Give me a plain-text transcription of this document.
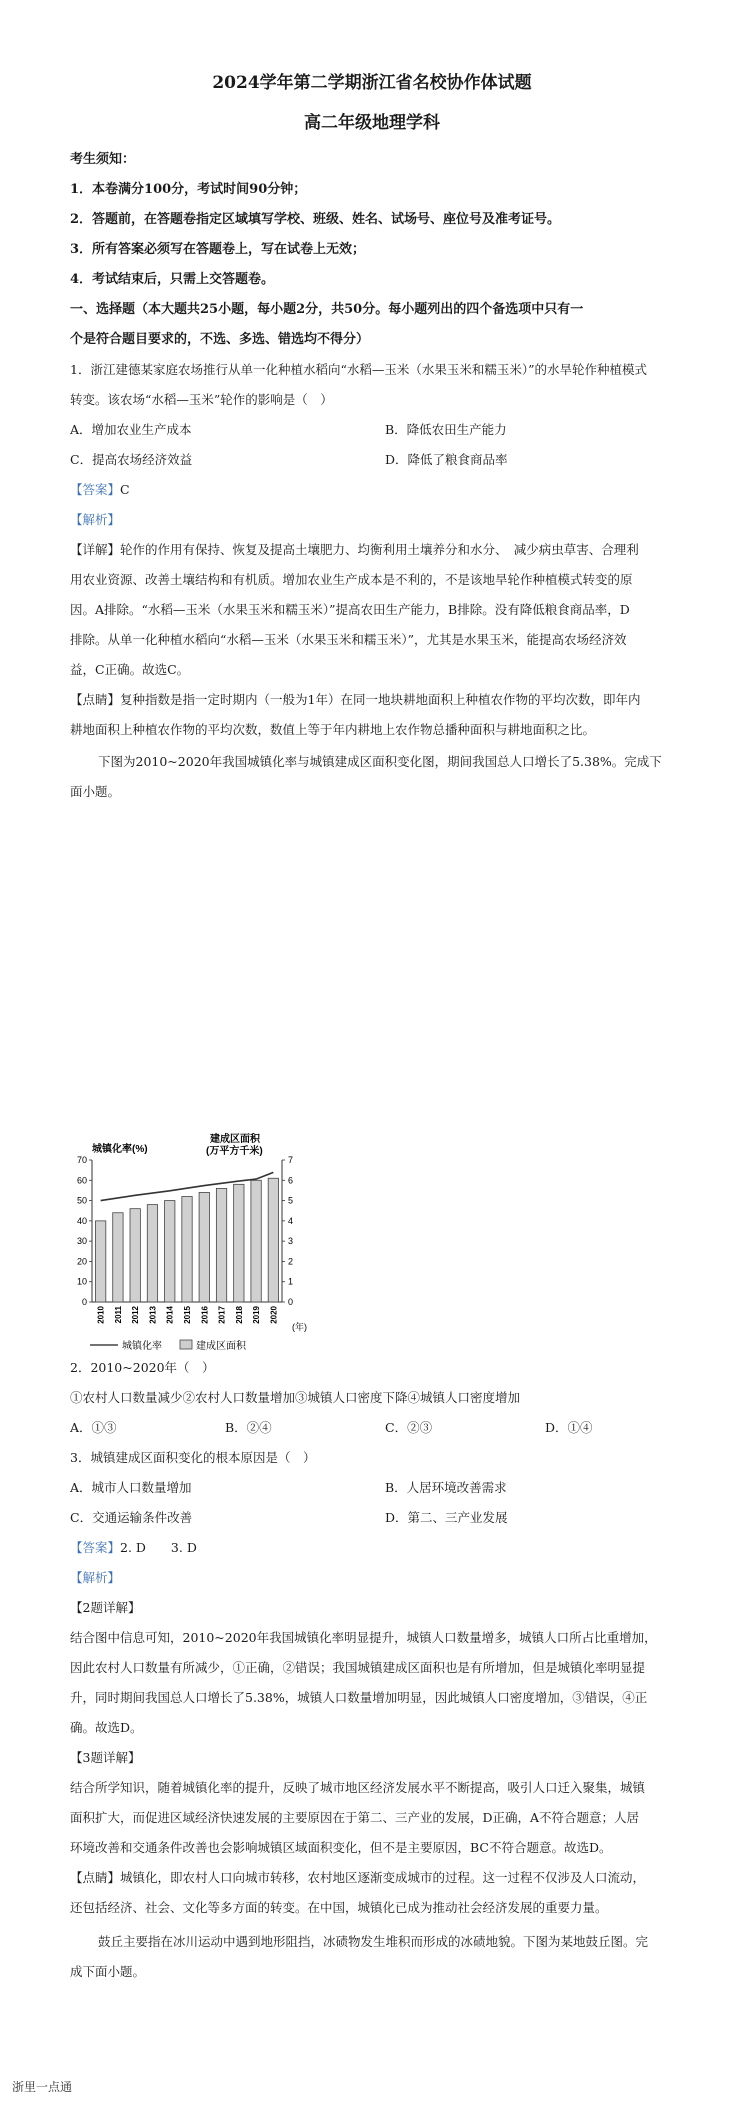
2024学年第二学期浙江省名校协作体试题
高二年级地理学科
考生须知：
1．本卷满分100分，考试时间90分钟；
2．答题前，在答题卷指定区域填写学校、班级、姓名、试场号、座位号及准考证号。
3．所有答案必须写在答题卷上，写在试卷上无效；
4．考试结束后，只需上交答题卷。
一、选择题（本大题共25小题，每小题2分，共50分。每小题列出的四个备选项中只有一
个是符合题目要求的，不选、多选、错选均不得分）
1．浙江建德某家庭农场推行从单一化种植水稻向“水稻—玉米（水果玉米和糯玉米）”的水旱轮作种植模式
转变。该农场“水稻—玉米”轮作的影响是（　）
A．增加农业生产成本	B．降低农田生产能力
C．提高农场经济效益	D．降低了粮食商品率
【答案】C
【解析】
【详解】轮作的作用有保持、恢复及提高土壤肥力、均衡利用土壤养分和水分、　减少病虫草害、合理利
用农业资源、改善土壤结构和有机质。增加农业生产成本是不利的，不是该地旱轮作种植模式转变的原
因。A排除。“水稻—玉米（水果玉米和糯玉米）”提高农田生产能力，B排除。没有降低粮食商品率，D
排除。从单一化种植水稻向“水稻—玉米（水果玉米和糯玉米）”，尤其是水果玉米，能提高农场经济效
益，C正确。故选C。
【点睛】复种指数是指一定时期内（一般为1年）在同一地块耕地面积上种植农作物的平均次数，即年内
耕地面积上种植农作物的平均次数，数值上等于年内耕地上农作物总播种面积与耕地面积之比。
下图为2010~2020年我国城镇化率与城镇建成区面积变化图，期间我国总人口增长了5.38%。完成下
面小题。
城镇化率(%)
建成区面积
(万平方千米)
0
10
20
30
40
50
60
70
0
1
2
3
4
5
6
7
2010 2011 2012 2013 2014 2015 2016 2017 2018 2019 2020
(年)
城镇化率	建成区面积
2．2010~2020年（　）
①农村人口数量减少②农村人口数量增加③城镇人口密度下降④城镇人口密度增加
A．①③	B．②④	C．②③	D．①④
3．城镇建成区面积变化的根本原因是（　）
A．城市人口数量增加	B．人居环境改善需求
C．交通运输条件改善	D．第二、三产业发展
【答案】2. D　　3. D
【解析】
【2题详解】
结合图中信息可知，2010~2020年我国城镇化率明显提升，城镇人口数量增多，城镇人口所占比重增加，
因此农村人口数量有所减少，①正确，②错误；我国城镇建成区面积也是有所增加，但是城镇化率明显提
升，同时期间我国总人口增长了5.38%，城镇人口数量增加明显，因此城镇人口密度增加，③错误，④正
确。故选D。
【3题详解】
结合所学知识，随着城镇化率的提升，反映了城市地区经济发展水平不断提高，吸引人口迁入聚集，城镇
面积扩大，而促进区域经济快速发展的主要原因在于第二、三产业的发展，D正确，A不符合题意；人居
环境改善和交通条件改善也会影响城镇区域面积变化，但不是主要原因，BC不符合题意。故选D。
【点睛】城镇化，即农村人口向城市转移，农村地区逐渐变成城市的过程。这一过程不仅涉及人口流动，
还包括经济、社会、文化等多方面的转变。在中国，城镇化已成为推动社会经济发展的重要力量。
鼓丘主要指在冰川运动中遇到地形阻挡，冰碛物发生堆积而形成的冰碛地貌。下图为某地鼓丘图。完
成下面小题。
浙里一点通
